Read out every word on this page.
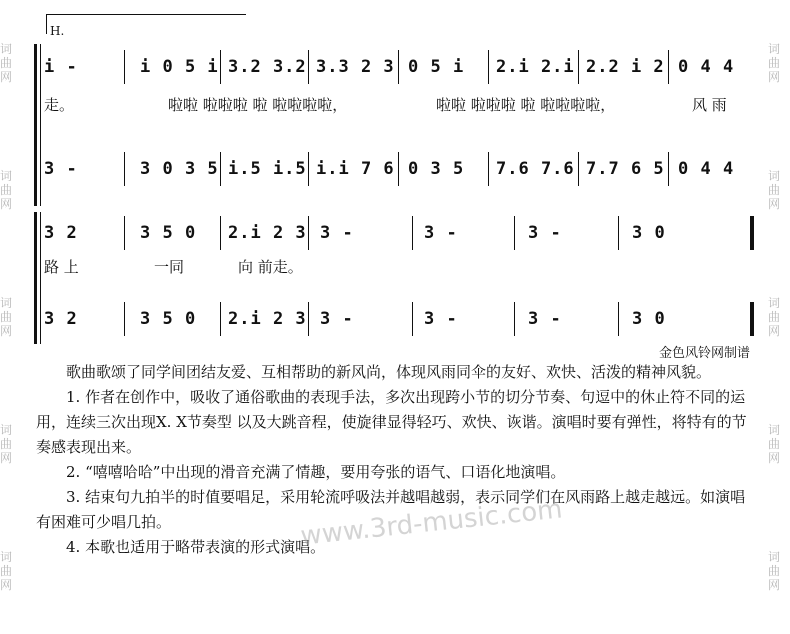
词曲网
词曲网
词曲网
词曲网
词曲网
词曲网
词曲网
词曲网
词曲网
词曲网
H.
i -	i 0 5 i 3.2 3.2 3.3 2 3 0 5 i 2.i 2.i 2.2 i 2 0 4 4
走。	啦啦 啦啦啦 啦 啦啦啦啦，	啦啦 啦啦啦 啦 啦啦啦啦，	风 雨
3 -	3 0 3 5 i.5 i.5 i.i 7 6 0 3 5 7.6 7.6 7.7 6 5 0 4 4
3 2	3 5 0 2.i 2 3 3 -	3 -	3 -	3 0
路 上	一同	向 前走。
3 2	3 5 0 2.i 2 3 3 -	3 -	3 -	3 0
金色风铃网制谱

歌曲歌颂了同学间团结友爱、互相帮助的新风尚，体现风雨同伞的友好、欢快、活泼的精神风貌。

1. 作者在创作中，吸收了通俗歌曲的表现手法，多次出现跨小节的切分节奏、句逗中的休止符不同的运用，连续三次出现X. X节奏型 以及大跳音程，使旋律显得轻巧、欢快、诙谐。演唱时要有弹性，将特有的节奏感表现出来。

2. “嘻嘻哈哈”中出现的滑音充满了情趣，要用夸张的语气、口语化地演唱。

3. 结束句九拍半的时值要唱足，采用轮流呼吸法并越唱越弱，表示同学们在风雨路上越走越远。如演唱有困难可少唱几拍。

4. 本歌也适用于略带表演的形式演唱。

www.3rd-music.com
